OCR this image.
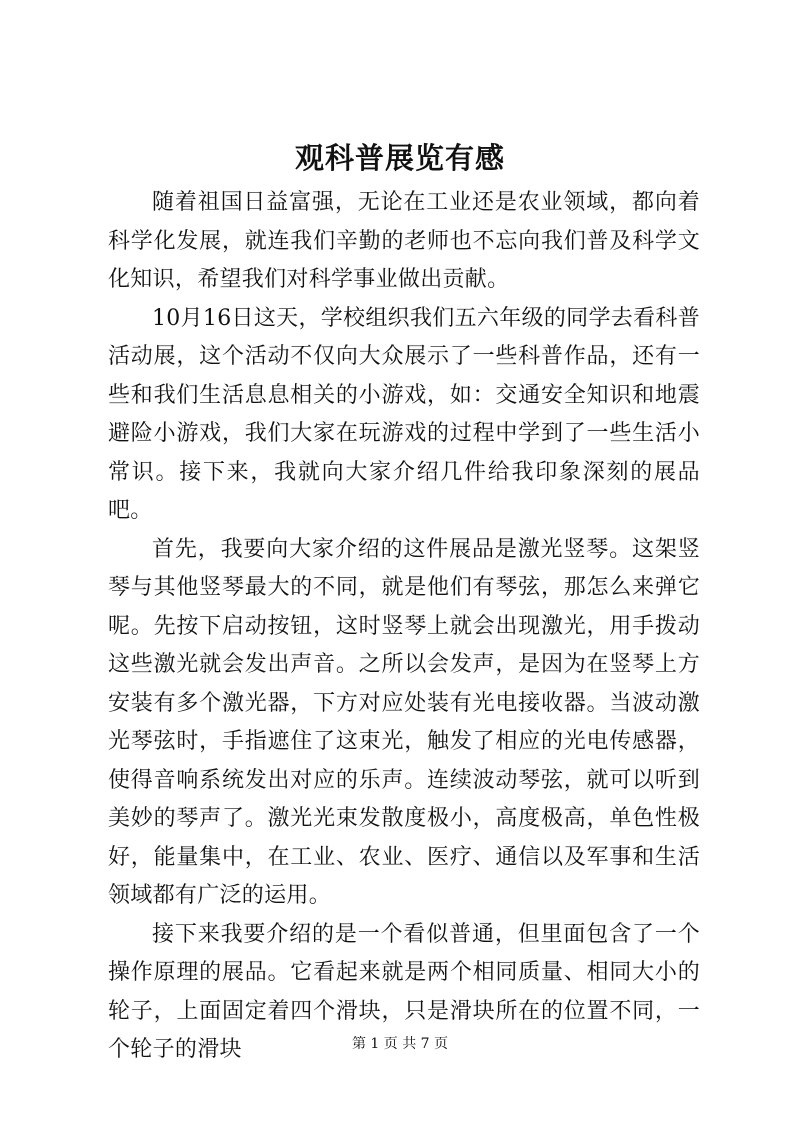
观科普展览有感

随着祖国日益富强，无论在工业还是农业领域，都向着科学化发展，就连我们辛勤的老师也不忘向我们普及科学文化知识，希望我们对科学事业做出贡献。

10月16日这天，学校组织我们五六年级的同学去看科普活动展，这个活动不仅向大众展示了一些科普作品，还有一些和我们生活息息相关的小游戏，如：交通安全知识和地震避险小游戏，我们大家在玩游戏的过程中学到了一些生活小常识。接下来，我就向大家介绍几件给我印象深刻的展品吧。

首先，我要向大家介绍的这件展品是激光竖琴。这架竖琴与其他竖琴最大的不同，就是他们有琴弦，那怎么来弹它呢。先按下启动按钮，这时竖琴上就会出现激光，用手拨动这些激光就会发出声音。之所以会发声，是因为在竖琴上方安装有多个激光器，下方对应处装有光电接收器。当波动激光琴弦时，手指遮住了这束光，触发了相应的光电传感器，使得音响系统发出对应的乐声。连续波动琴弦，就可以听到美妙的琴声了。激光光束发散度极小，高度极高，单色性极好，能量集中，在工业、农业、医疗、通信以及军事和生活领域都有广泛的运用。

接下来我要介绍的是一个看似普通，但里面包含了一个操作原理的展品。它看起来就是两个相同质量、相同大小的轮子，上面固定着四个滑块，只是滑块所在的位置不同，一个轮子的滑块	第 1 页 共 7 页
